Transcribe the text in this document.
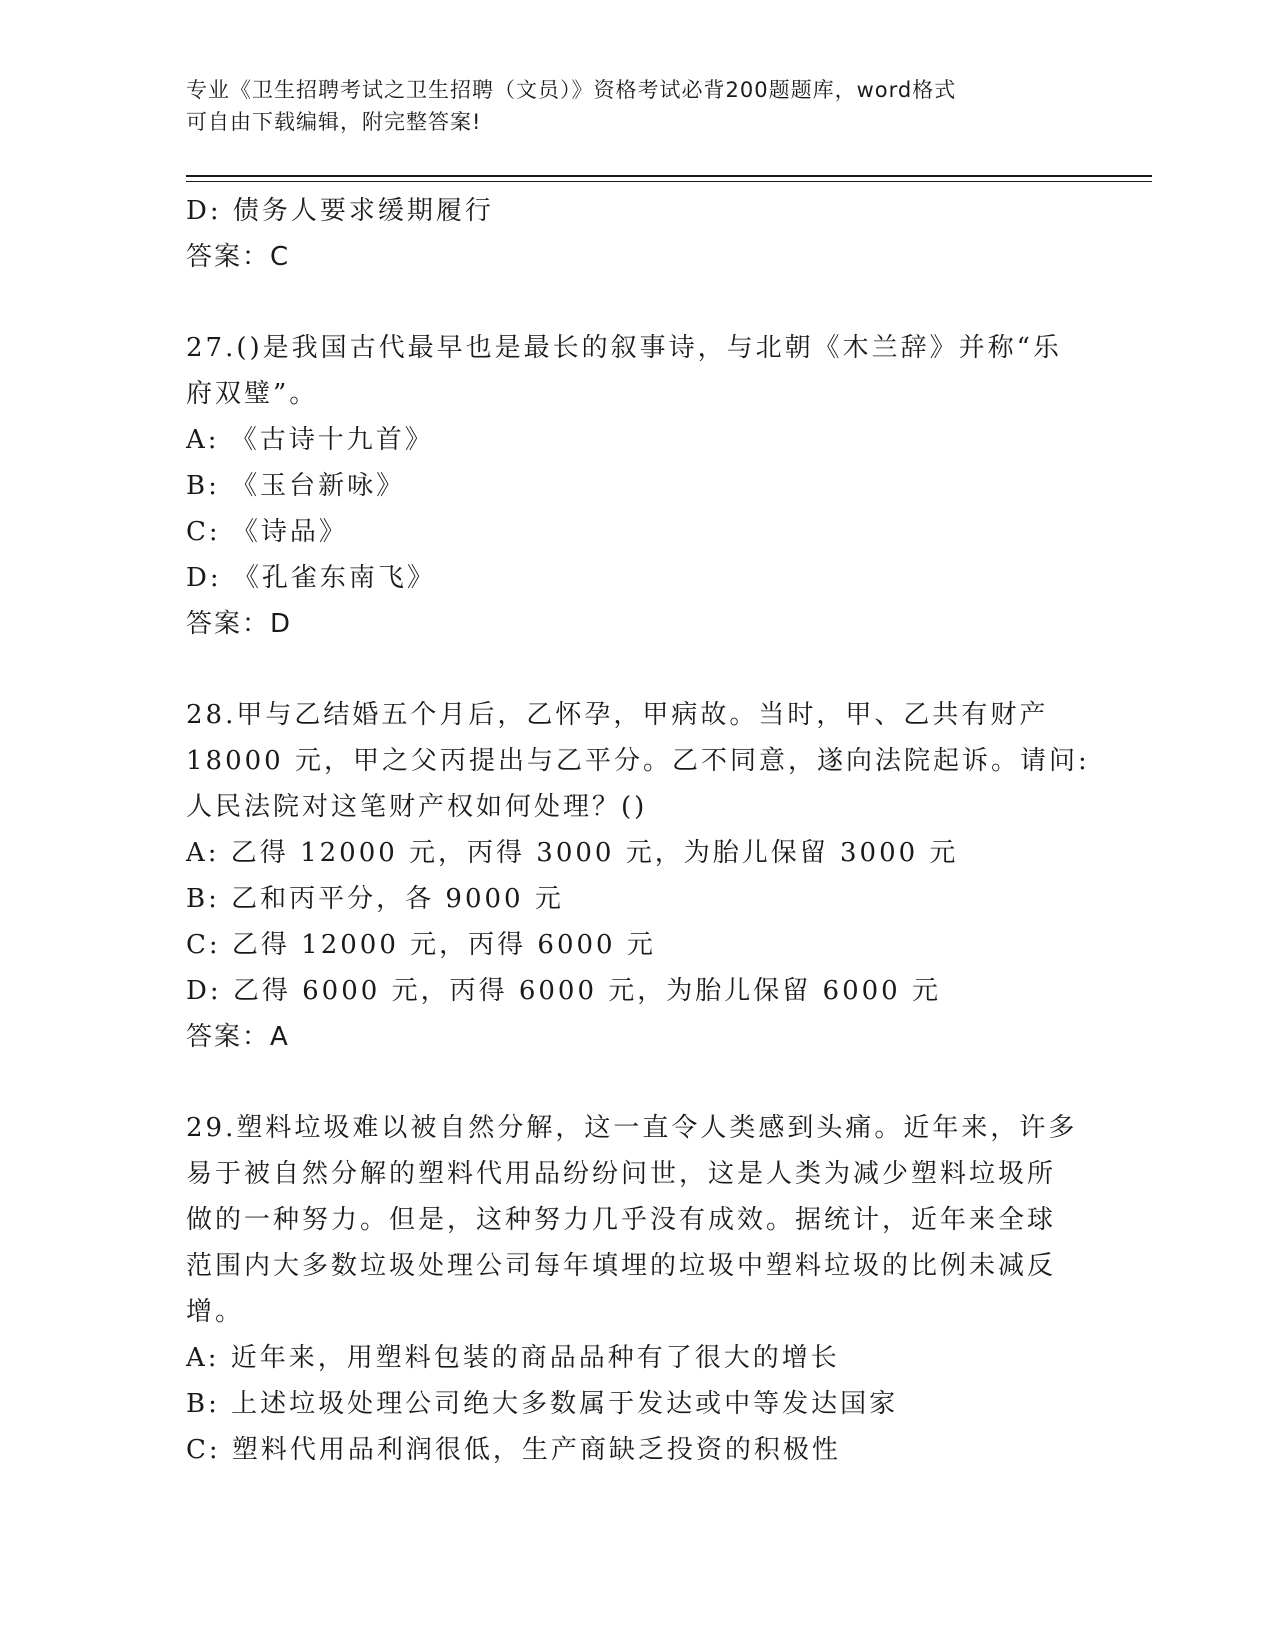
专业《卫生招聘考试之卫生招聘（文员）》资格考试必背200题题库，word格式
可自由下载编辑，附完整答案!
D: 债务人要求缓期履行
答案：C
27.()是我国古代最早也是最长的叙事诗，与北朝《木兰辞》并称“乐
府双璧”。
A: 《古诗十九首》
B: 《玉台新咏》
C: 《诗品》
D: 《孔雀东南飞》
答案：D
28.甲与乙结婚五个月后，乙怀孕，甲病故。当时，甲、乙共有财产
18000 元，甲之父丙提出与乙平分。乙不同意，遂向法院起诉。请问:
人民法院对这笔财产权如何处理？()
A: 乙得 12000 元，丙得 3000 元，为胎儿保留 3000 元
B: 乙和丙平分，各 9000 元
C: 乙得 12000 元，丙得 6000 元
D: 乙得 6000 元，丙得 6000 元，为胎儿保留 6000 元
答案：A
29.塑料垃圾难以被自然分解，这一直令人类感到头痛。近年来，许多
易于被自然分解的塑料代用品纷纷问世，这是人类为减少塑料垃圾所
做的一种努力。但是，这种努力几乎没有成效。据统计，近年来全球
范围内大多数垃圾处理公司每年填埋的垃圾中塑料垃圾的比例未减反
增。
A: 近年来，用塑料包装的商品品种有了很大的增长
B: 上述垃圾处理公司绝大多数属于发达或中等发达国家
C: 塑料代用品利润很低，生产商缺乏投资的积极性
